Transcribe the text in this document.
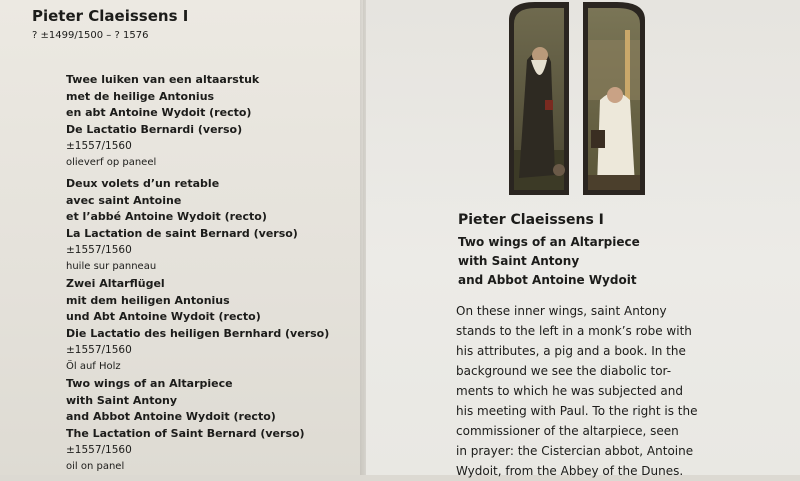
Pieter Claeissens I

? ±1499/1500 – ? 1576

Twee luiken van een altaarstuk

met de heilige Antonius

en abt Antoine Wydoit (recto)

De Lactatio Bernardi (verso)

±1557/1560

olieverf op paneel

Deux volets d’un retable

avec saint Antoine

et l’abbé Antoine Wydoit (recto)

La Lactation de saint Bernard (verso)

±1557/1560

huile sur panneau

Zwei Altarflügel

mit dem heiligen Antonius

und Abt Antoine Wydoit (recto)

Die Lactatio des heiligen Bernhard (verso)

±1557/1560

Öl auf Holz

Two wings of an Altarpiece

with Saint Antony

and Abbot Antoine Wydoit (recto)

The Lactation of Saint Bernard (verso)

±1557/1560

oil on panel

Pieter Claeissens I

Two wings of an Altarpiece

with Saint Antony

and Abbot Antoine Wydoit

On these inner wings, saint Antony
stands to the left in a monk’s robe with
his attributes, a pig and a book. In the
background we see the diabolic tor-
ments to which he was subjected and
his meeting with Paul. To the right is the
commissioner of the altarpiece, seen
in prayer: the Cistercian abbot, Antoine
Wydoit, from the Abbey of the Dunes.
